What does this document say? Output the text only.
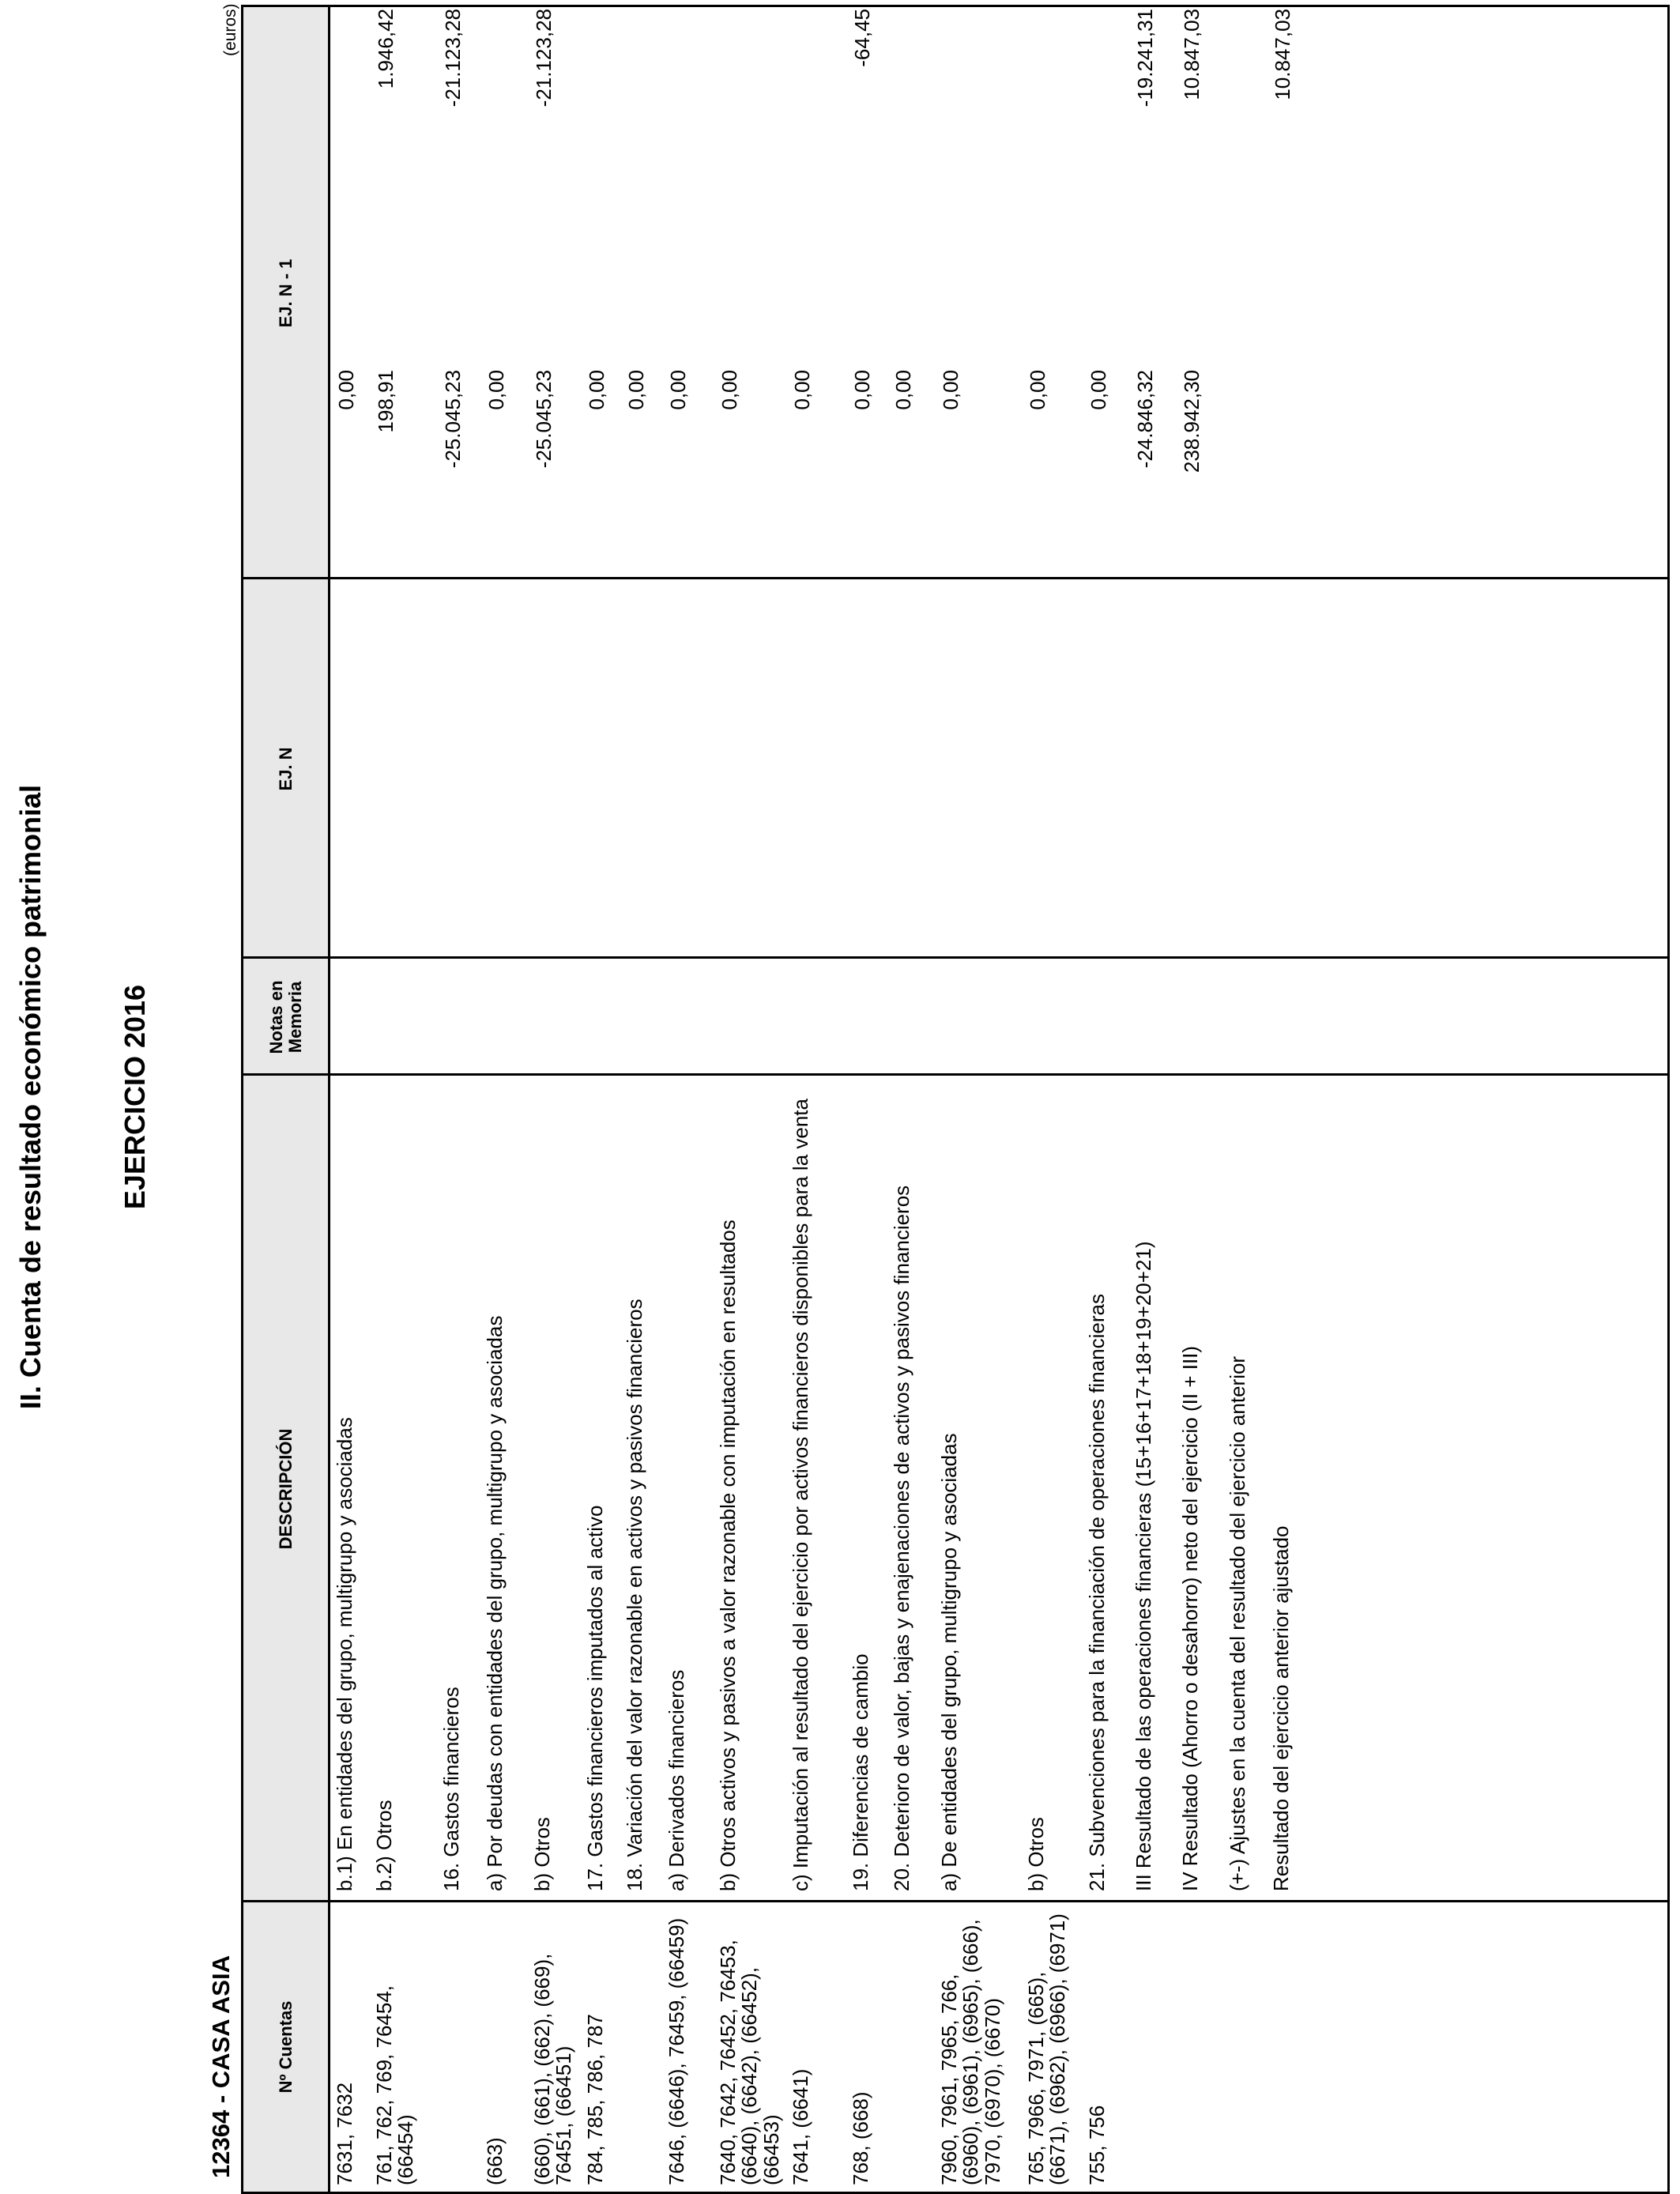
II. Cuenta de resultado económico patrimonial	EJERCICIO 2016
12364 - CASA ASIA
(euros)
Nº Cuentas
DESCRIPCIÓN
Notas en Memoria
EJ. N
EJ. N - 1
7631, 7632
b.1) En entidades del grupo, multigrupo y asociadas
0,00
761, 762, 769, 76454, (66454)
b.2) Otros
198,91
1.946,42
16. Gastos financieros
-25.045,23
-21.123,28
(663)
a) Por deudas con entidades del grupo, multigrupo y asociadas
0,00
(660), (661), (662), (669), 76451, (66451)
b) Otros
-25.045,23
-21.123,28
784, 785, 786, 787
17. Gastos financieros imputados al activo
0,00
18. Variación del valor razonable en activos y pasivos financieros
0,00
7646, (6646), 76459, (66459)
a) Derivados financieros
0,00
7640, 7642, 76452, 76453, (6640), (6642), (66452), (66453)
b) Otros activos y pasivos a valor razonable con imputación en resultados
0,00
7641, (6641)
c) Imputación al resultado del ejercicio por activos financieros disponibles para la venta
0,00
768, (668)
19. Diferencias de cambio
0,00
-64,45
20. Deterioro de valor, bajas y enajenaciones de activos y pasivos financieros
0,00
7960, 7961, 7965, 766, (6960), (6961), (6965), (666), 7970, (6970), (6670)
a) De entidades del grupo, multigrupo y asociadas
0,00
765, 7966, 7971, (665), (6671), (6962), (6966), (6971)
b) Otros
0,00
755, 756
21. Subvenciones para la financiación de operaciones financieras
0,00
III Resultado de las operaciones financieras (15+16+17+18+19+20+21)
-24.846,32
-19.241,31
IV Resultado (Ahorro o desahorro) neto del ejercicio (II + III)
238.942,30
10.847,03
(+-) Ajustes en la cuenta del resultado del ejercicio anterior Resultado del ejercicio anterior ajustado
10.847,03
